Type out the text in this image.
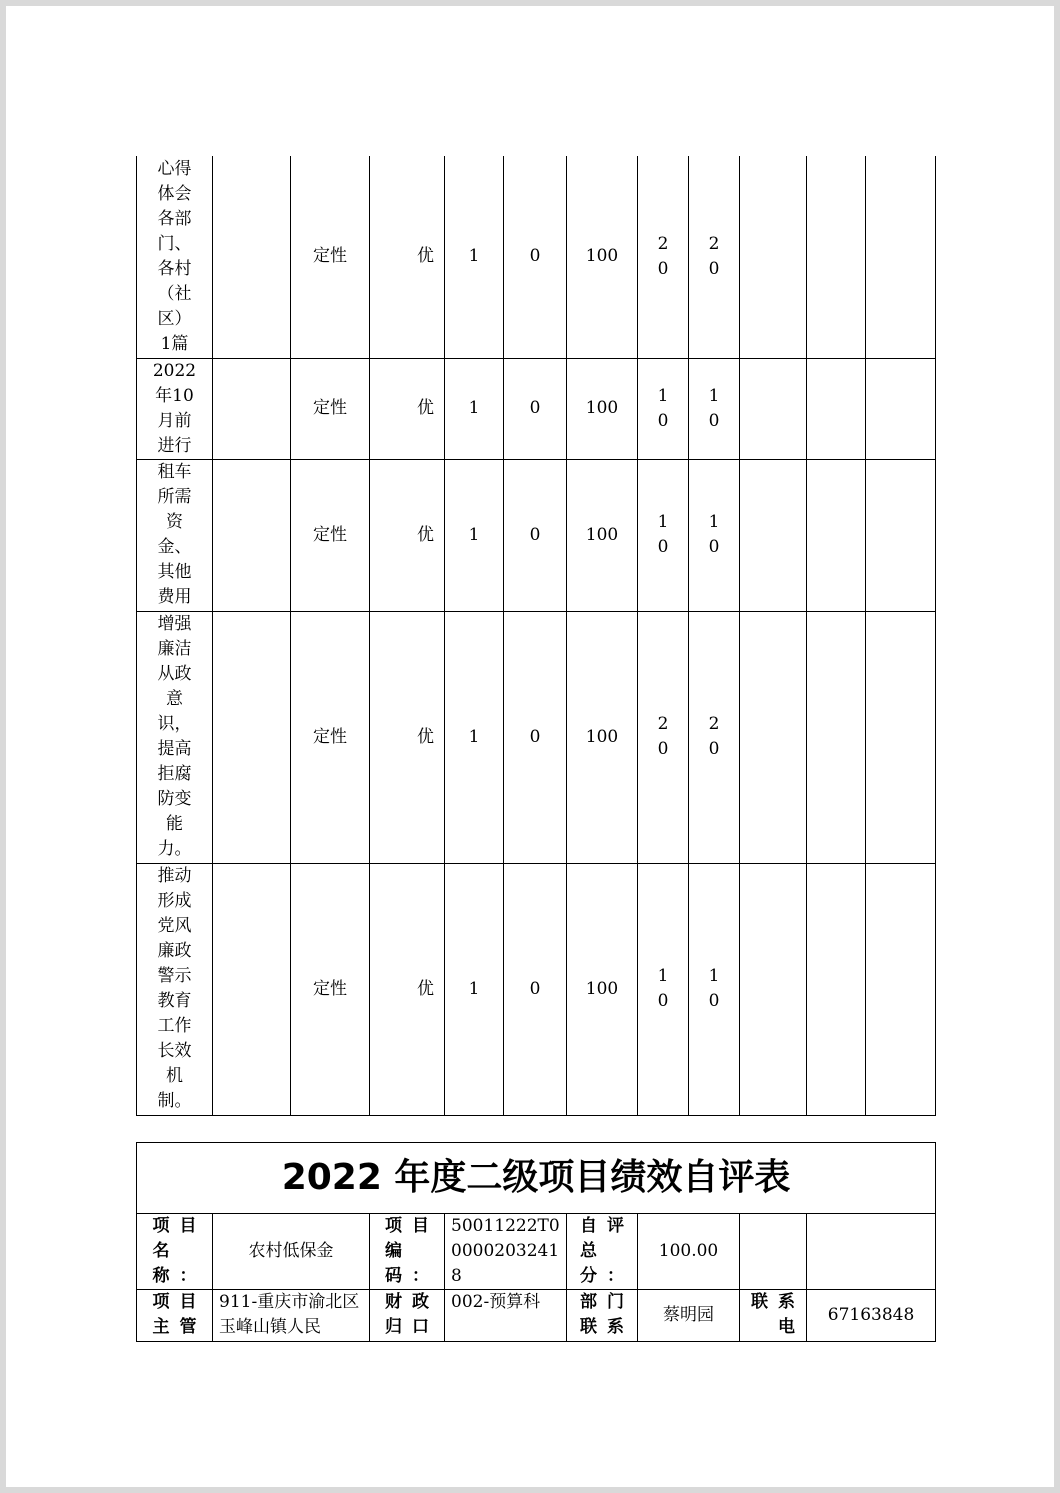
心得体会各部门、各村（社区）1篇		定性	优	1	0	100	20	20			

2022年10月前进行		定性	优	1	0	100	10	10			

租车所需资金、其他费用		定性	优	1	0	100	10	10			

增强廉洁从政意识，提高拒腐防变能力。		定性	优	1	0	100	20	20			

推动形成党风廉政警示教育工作长效机制。		定性	优	1	0	100	10	10			

2022 年度二级项目绩效自评表							

项目名称：	农村低保金	项目编码：	50011222T000002032418	自评总分：	100.00		

项目主管	911-重庆市渝北区玉峰山镇人民	财政归口	002-预算科	部门联系	蔡明园	联系电	67163848
